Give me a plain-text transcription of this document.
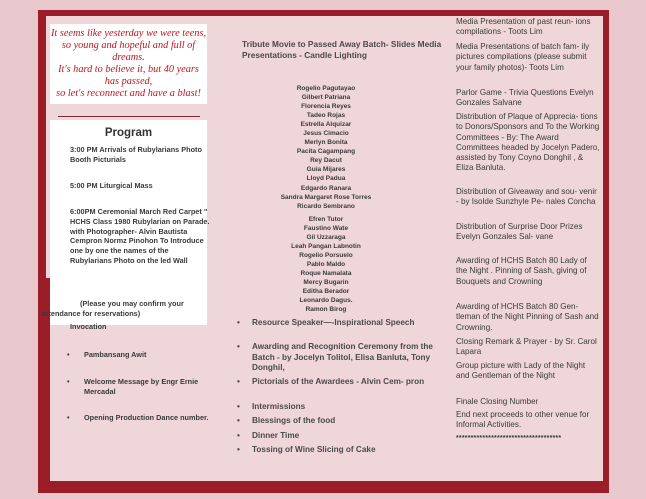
It seems like yesterday we were teens,
so young and hopeful and full of
dreams.
It's hard to believe it, but 40 years
has passed,
so let's reconnect and have a blast!
Program
3:00 PM Arrivals of Rubylarians Photo Booth Picturials
5:00 PM Liturgical Mass
6:00PM Ceremonial March Red Carpet " HCHS Class 1980 Rubylarian on Parade. with Photographer- Alvin Bautista Cempron Normz Pinohon To Introduce one by one the names of the Rubylarians Photo on the led Wall
(Please you may confirm your attendance for reservations)
Invocation
• Pambansang Awit
• Welcome Message by Engr Ernie Mercadal
• Opening Production Dance number.
Tribute Movie to Passed Away Batch- Slides Media Presentations - Candle Lighting
Rogelio Pagutayao
Gilbert Patriana
Florencia Reyes
Tadeo Rojas
Estrella Alquizar
Jesus Cimacio
Merlyn Bonita
Pacita Cagampang
Rey Dacut
Guia Mijares
Lloyd Padua
Edgardo Ranara
Sandra Margaret Rose Torres
Ricardo Sembrano
Efren Tutor
Faustino Wate
Gil Uzzaraga
Leah Pangan Labnotin
Rogelio Porsuelo
Pablo Maldo
Roque Namalata
Mercy Bugarin
Editha Berador
Leonardo Dagus.
Ramon Birog
• Resource Speaker—-Inspirational Speech
• Awarding and Recognition Ceremony from the Batch - by Jocelyn Tolitol, Elisa Banluta, Tony Donghil,
• Pictorials of the Awardees - Alvin Cem- pron
• Intermissions
• Blessings of the food
• Dinner Time
• Tossing of Wine Slicing of Cake
Media Presentation of past reun- ions compilations - Toots Lim
Media Presentations of batch fam- ily pictures compilations (please submit your family photos)- Toots Lim
Parlor Game - Trivia Questions Evelyn Gonzales Salvane
Distribution of Plaque of Apprecia- tions to Donors/Sponsors and To the Working Committees - By: The Award Committees headed by Jocelyn Padero, assisted by Tony Coyno Donghil , & Eliza Banluta.
Distribution of Giveaway and sou- venir - by Isolde Sunzhyle Pe- nales Concha
Distribution of Surprise Door Prizes Evelyn Gonzales Sal- vane
Awarding of HCHS Batch 80 Lady of the Night . Pinning of Sash, giving of Bouquets and Crowning
Awarding of HCHS Batch 80 Gen- tleman of the Night Pinning of Sash and Crowning.
Closing Remark & Prayer - by Sr. Carol Lapara
Group picture with Lady of the Night and Gentleman of the Night
Finale Closing Number
End next proceeds to other venue for Informal Activities.
************************************
